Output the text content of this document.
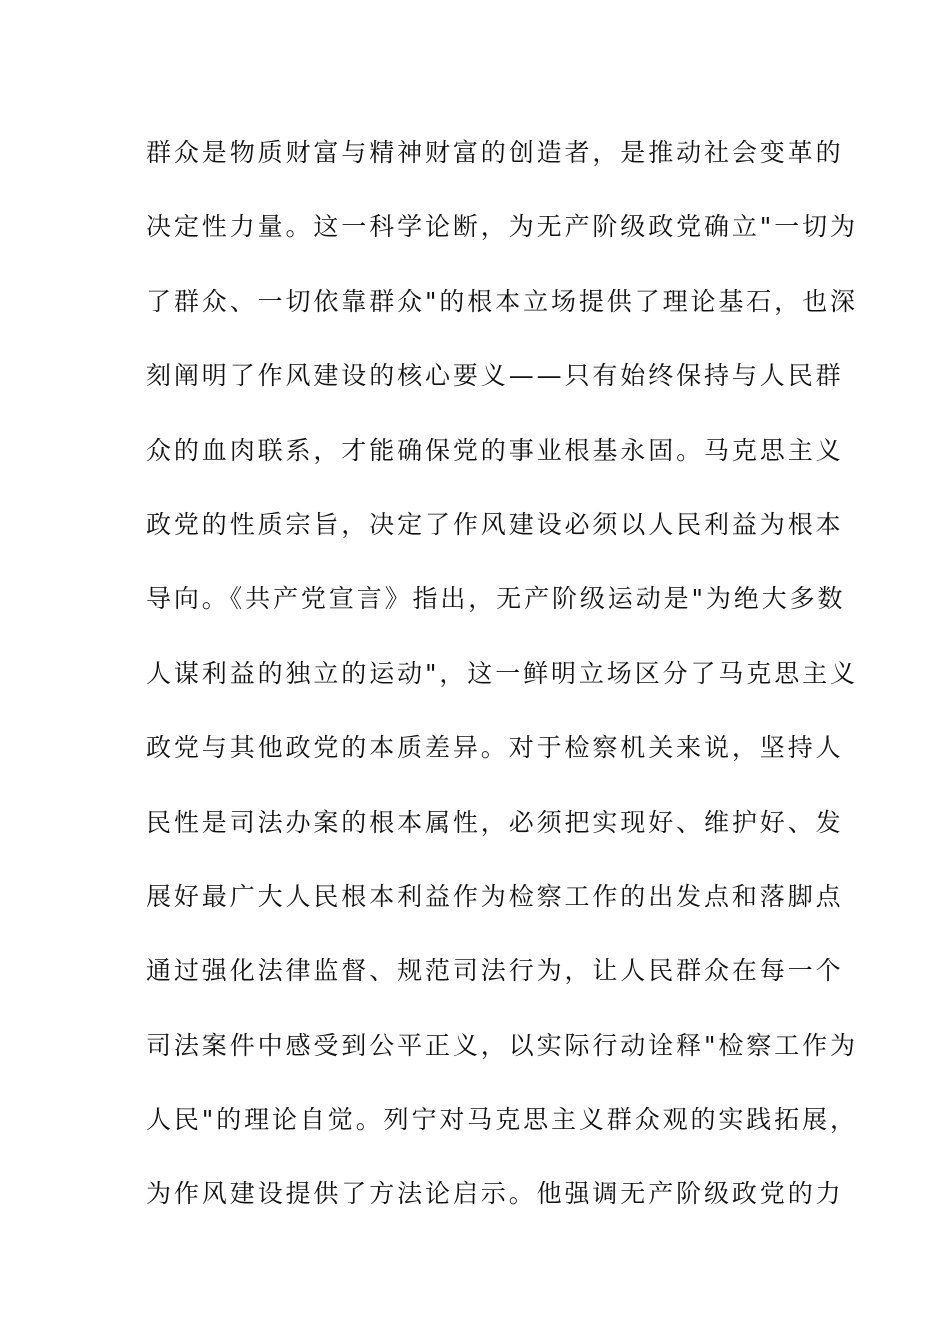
群众是物质财富与精神财富的创造者，是推动社会变革的
决定性力量。这一科学论断，为无产阶级政党确立"一切为
了群众、一切依靠群众"的根本立场提供了理论基石，也深
刻阐明了作风建设的核心要义——只有始终保持与人民群
众的血肉联系，才能确保党的事业根基永固。马克思主义
政党的性质宗旨，决定了作风建设必须以人民利益为根本
导向。《共产党宣言》指出，无产阶级运动是"为绝大多数
人谋利益的独立的运动"，这一鲜明立场区分了马克思主义
政党与其他政党的本质差异。对于检察机关来说，坚持人
民性是司法办案的根本属性，必须把实现好、维护好、发
展好最广大人民根本利益作为检察工作的出发点和落脚点
通过强化法律监督、规范司法行为，让人民群众在每一个
司法案件中感受到公平正义，以实际行动诠释"检察工作为
人民"的理论自觉。列宁对马克思主义群众观的实践拓展，
为作风建设提供了方法论启示。他强调无产阶级政党的力
